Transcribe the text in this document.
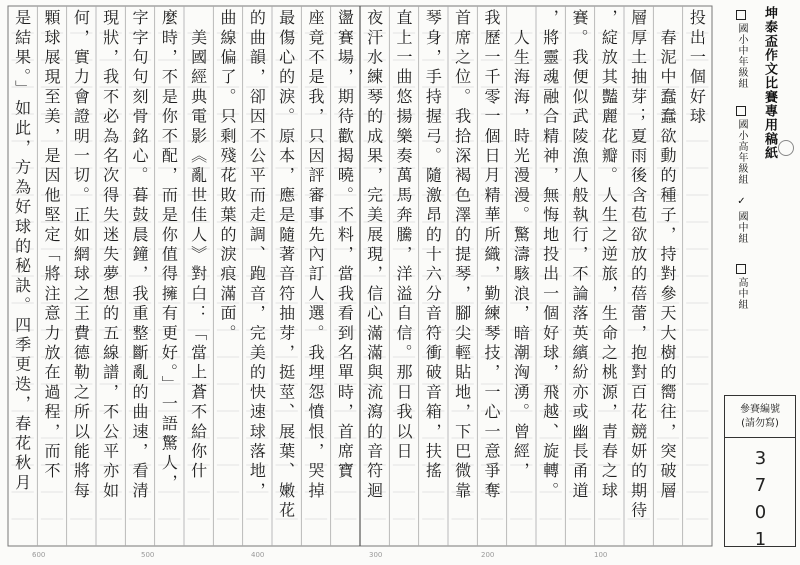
投出一個好球
　春泥中蠢蠢欲動的種子，持對參天大樹的嚮往，突破層
層厚土抽芽；夏雨後含苞欲放的蓓蕾，抱對百花競妍的期待
，綻放其豔麗花瓣。人生之逆旅，生命之桃源，青春之球
賽。我便似武陵漁人般執行，不論落英繽紛亦或幽長甬道
，將靈魂融合精神，無悔地投出一個好球，飛越、旋轉。
　人生海海，時光漫漫。驚濤駭浪，暗潮洶湧。曾經，
我歷一千零一個日月精華所織，勤練琴技，一心一意爭奪
首席之位。我拾深褐色澤的提琴，腳尖輕貼地，下巴微靠
琴身，手持握弓。隨激昂的十六分音符衝破音箱，扶搖
直上一曲悠揚樂奏萬馬奔騰，洋溢自信。那日我以日
夜汗水練琴的成果，完美展現，信心滿滿與流瀉的音符迴
盪賽場，期待歡揭曉。不料，當我看到名單時，首席寶
座竟不是我，只因評審事先內訂人選。我埋怨憤恨，哭掉
最傷心的淚。原本，應是隨著音符抽芽，挺莖、展葉、嫩花
的曲韻，卻因不公平而走調、跑音，完美的快速球落地，
曲線偏了。只剩殘花敗葉的淚痕滿面。
　美國經典電影《亂世佳人》對白：「當上蒼不給你什
麼時，不是你不配，而是你值得擁有更好。」一語驚人，
字字句句刻骨銘心。暮鼓晨鐘，我重整斷亂的曲速，看清
現狀，我不必為名次得失迷失夢想的五線譜，不公平亦如
何，實力會證明一切。正如網球之王費德勒之所以能將每
顆球展現至美，是因他堅定「將注意力放在過程，而不
是結果。」如此，方為好球的秘訣。四季更迭，春花秋月	坤泰盃作文比賽專用稿紙
國小中年級組
國小高年級組
✓國中組
高中組
參賽編號
(請勿寫)
3701
600	500	400	300	200	100
